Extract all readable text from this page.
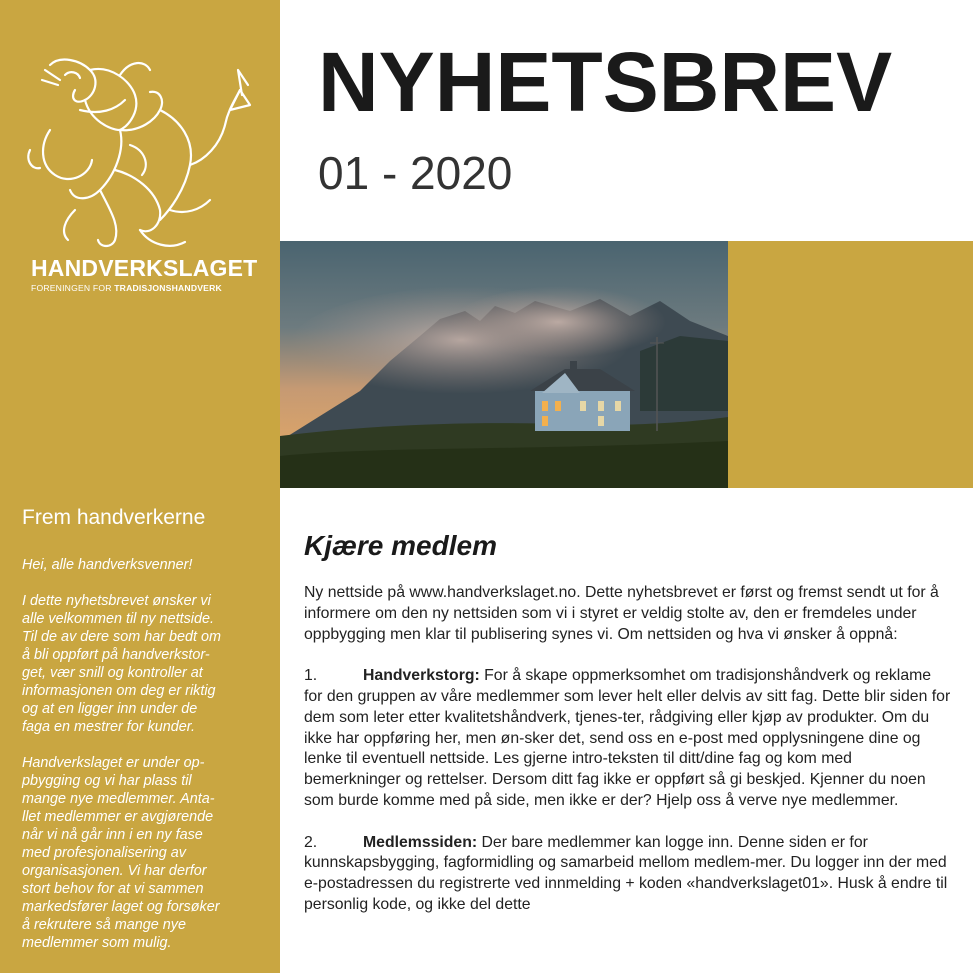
HANDVERKSLAGET
FORENINGEN FOR TRADISJONSHANDVERK
Frem handverkerne

Hei, alle handverksvenner!

I dette nyhetsbrevet ønsker vi
alle velkommen til ny nettside.
Til de av dere som har bedt om
å bli oppført på handverkstor-
get, vær snill og kontroller at
informasjonen om deg er riktig
og at en ligger inn under de
faga en mestrer for kunder.

Handverkslaget er under op-
pbygging og vi har plass til
mange nye medlemmer. Anta-
llet medlemmer er avgjørende
når vi nå går inn i en ny fase
med profesjonalisering av
organisasjonen. Vi har derfor
stort behov for at vi sammen
markedsfører laget og forsøker
å rekrutere så mange nye
medlemmer som mulig.

NYHETSBREV
01 - 2020
Kjære medlem

Ny nettside på www.handverkslaget.no. Dette nyhetsbrevet er først og fremst sendt ut for å informere om den ny nettsiden som vi i styret er veldig stolte av, den er fremdeles under oppbygging men klar til publisering synes vi. Om nettsiden og hva vi ønsker å oppnå:

1.	Handverkstorg: For å skape oppmerksomhet om tradisjonshåndverk og reklame for den gruppen av våre medlemmer som lever helt eller delvis av sitt fag. Dette blir siden for dem som leter etter kvalitetshåndverk, tjenes-ter, rådgiving eller kjøp av produkter. Om du ikke har oppføring her, men øn-sker det, send oss en e-post med opplysningene dine og lenke til eventuell nettside. Les gjerne intro-teksten til ditt/dine fag og kom med bemerkninger og rettelser. Dersom ditt fag ikke er oppført så gi beskjed. Kjenner du noen som burde komme med på side, men ikke er der? Hjelp oss å verve nye medlemmer.

2.	Medlemssiden: Der bare medlemmer kan logge inn. Denne siden er for kunnskapsbygging, fagformidling og samarbeid mellom medlem-mer. Du logger inn der med e-postadressen du registrerte ved innmelding + koden «handverkslaget01». Husk å endre til personlig kode, og ikke del dette
